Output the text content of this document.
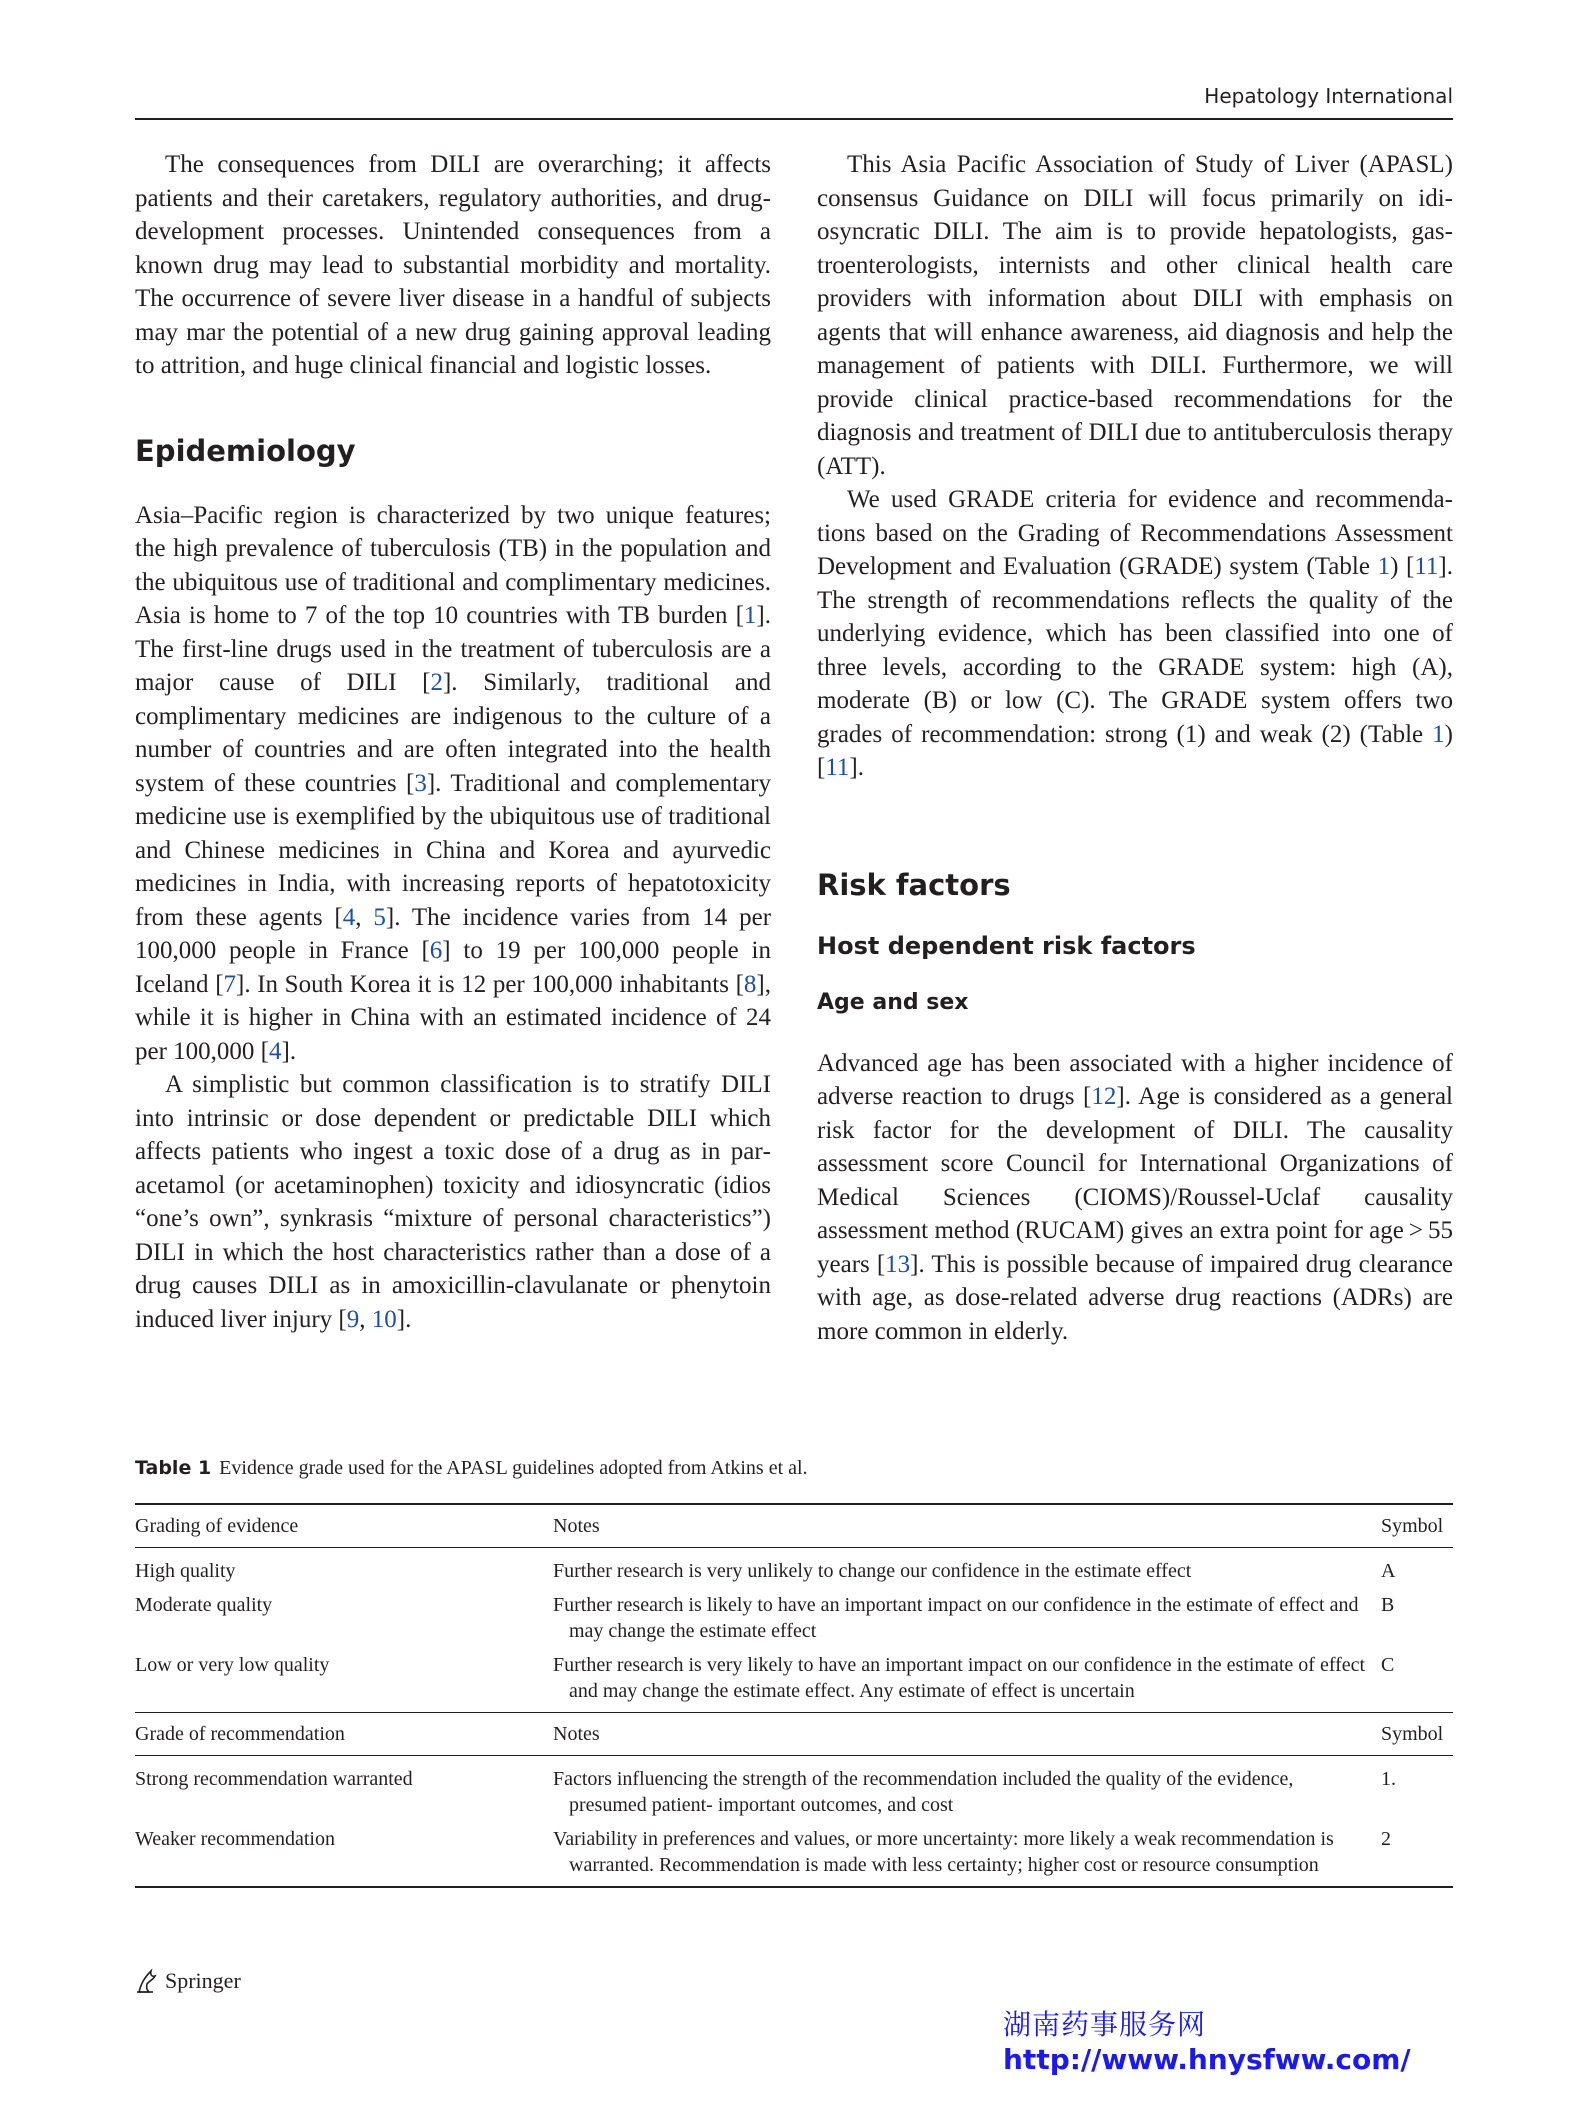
Hepatology International

The consequences from DILI are overarching; it affects patients and their caretakers, regulatory authorities, and drug-development processes. Unintended consequences from a known drug may lead to substantial morbidity and mortality. The occurrence of severe liver disease in a handful of subjects may mar the potential of a new drug gaining approval leading to attrition, and huge clinical financial and logistic losses.

Epidemiology

Asia–Pacific region is characterized by two unique features; the high prevalence of tuberculosis (TB) in the population and the ubiquitous use of traditional and complimentary medicines. Asia is home to 7 of the top 10 countries with TB burden [1]. The first-line drugs used in the treatment of tuberculosis are a major cause of DILI [2]. Similarly, traditional and complimentary medicines are indigenous to the culture of a number of countries and are often integrated into the health system of these countries [3]. Traditional and complementary medicine use is exemplified by the ubiquitous use of traditional and Chinese medicines in China and Korea and ayurvedic medicines in India, with increasing reports of hepatotoxicity from these agents [4, 5]. The incidence varies from 14 per 100,000 people in France [6] to 19 per 100,000 people in Iceland [7]. In South Korea it is 12 per 100,000 inhabitants [8], while it is higher in China with an estimated incidence of 24 per 100,000 [4].

A simplistic but common classification is to stratify DILI into intrinsic or dose dependent or predictable DILI which affects patients who ingest a toxic dose of a drug as in paracetamol (or acetaminophen) toxicity and idiosyncratic (idios “one’s own”, synkrasis “mixture of personal characteristics”) DILI in which the host characteristics rather than a dose of a drug causes DILI as in amoxicillin-clavulanate or phenytoin induced liver injury [9, 10].

This Asia Pacific Association of Study of Liver (APASL) consensus Guidance on DILI will focus primarily on idiosyncratic DILI. The aim is to provide hepatologists, gastroenterologists, internists and other clinical health care providers with information about DILI with emphasis on agents that will enhance awareness, aid diagnosis and help the management of patients with DILI. Furthermore, we will provide clinical practice-based recommendations for the diagnosis and treatment of DILI due to antituberculosis therapy (ATT).

We used GRADE criteria for evidence and recommendations based on the Grading of Recommendations Assessment Development and Evaluation (GRADE) system (Table 1) [11]. The strength of recommendations reflects the quality of the underlying evidence, which has been classified into one of three levels, according to the GRADE system: high (A), moderate (B) or low (C). The GRADE system offers two grades of recommendation: strong (1) and weak (2) (Table 1) [11].

Risk factors
Host dependent risk factors
Age and sex

Advanced age has been associated with a higher incidence of adverse reaction to drugs [12]. Age is considered as a general risk factor for the development of DILI. The causality assessment score Council for International Organizations of Medical Sciences (CIOMS)/Roussel-Uclaf causality assessment method (RUCAM) gives an extra point for age > 55 years [13]. This is possible because of impaired drug clearance with age, as dose-related adverse drug reactions (ADRs) are more common in elderly.

Table 1 Evidence grade used for the APASL guidelines adopted from Atkins et al.

Grading of evidence	Notes	Symbol
High quality	Further research is very unlikely to change our confidence in the estimate effect	A
Moderate quality	Further research is likely to have an important impact on our confidence in the estimate of effect and may change the estimate effect	B
Low or very low quality	Further research is very likely to have an important impact on our confidence in the estimate of effect and may change the estimate effect. Any estimate of effect is uncertain	C
Grade of recommendation	Notes	Symbol
Strong recommendation warranted	Factors influencing the strength of the recommendation included the quality of the evidence, presumed patient- important outcomes, and cost	1.
Weaker recommendation	Variability in preferences and values, or more uncertainty: more likely a weak recommendation is warranted. Recommendation is made with less certainty; higher cost or resource consumption	2
Springer
湖南药事服务网
http://www.hnysfww.com/
